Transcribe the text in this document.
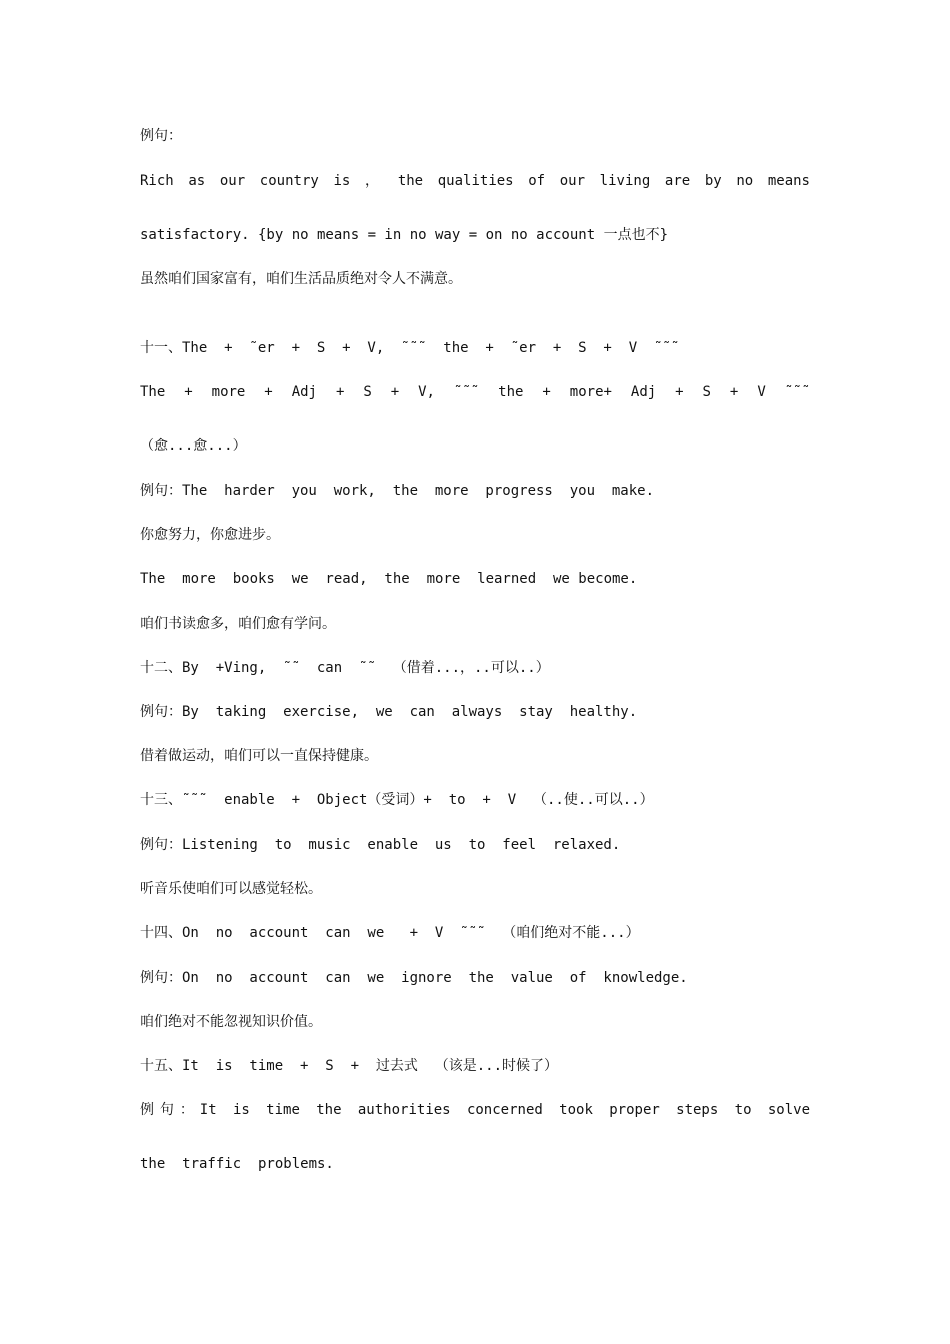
例句：

Rich as our country is ， the qualities of our living are by no means

satisfactory. {by no means = in no way = on no account 一点也不}

虽然咱们国家富有，咱们生活品质绝对令人不满意。

十一、The  +  ˜er  +  S  +  V,  ˜˜˜  the  +  ˜er  +  S  +  V  ˜˜˜

The + more + Adj + S + V, ˜˜˜ the + more+ Adj + S + V ˜˜˜

（愈...愈...）

例句：The  harder  you  work,  the  more  progress  you  make.

你愈努力，你愈进步。

The  more  books  we  read,  the  more  learned  we become.

咱们书读愈多，咱们愈有学问。

十二、By  +Ving,  ˜˜  can  ˜˜  （借着...，..可以..）

例句：By  taking  exercise,  we  can  always  stay  healthy.

借着做运动，咱们可以一直保持健康。

十三、˜˜˜  enable  +  Object（受词）+  to  +  V  （..使..可以..）

例句：Listening  to  music  enable  us  to  feel  relaxed.

听音乐使咱们可以感觉轻松。

十四、On  no  account  can  we   +  V  ˜˜˜  （咱们绝对不能...）

例句：On  no  account  can  we  ignore  the  value  of  knowledge.

咱们绝对不能忽视知识价值。

十五、It  is  time  +  S  +  过去式  （该是...时候了）

例句：It is time the authorities concerned took proper steps to solve

the  traffic  problems.
